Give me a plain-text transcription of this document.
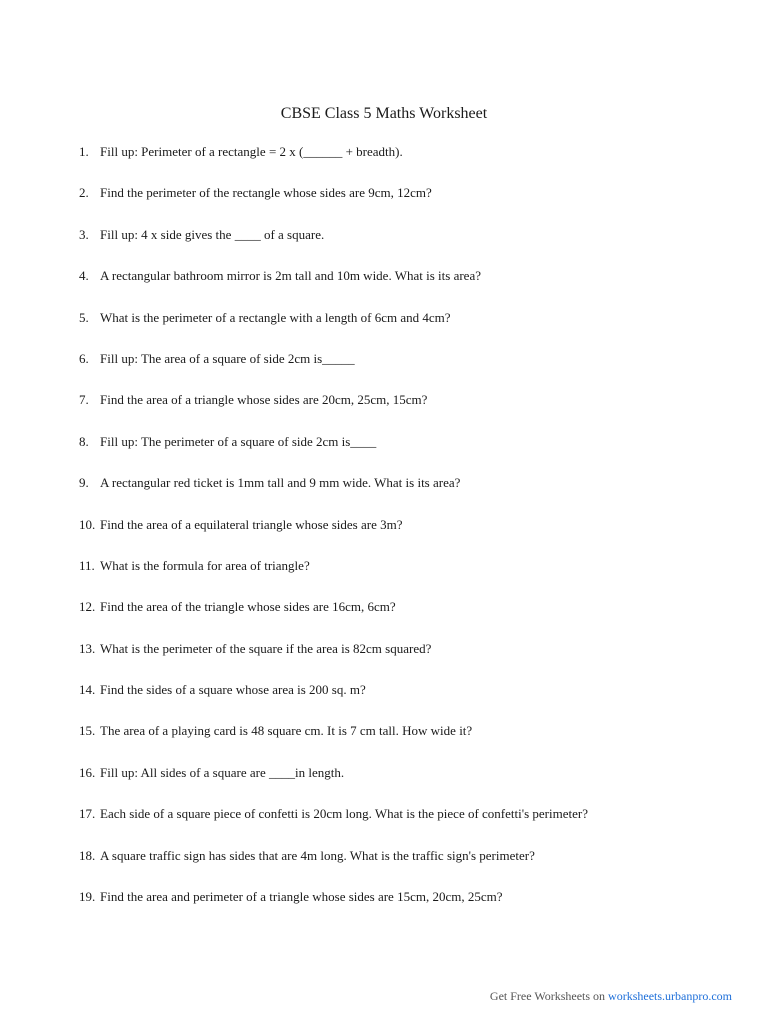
CBSE Class 5 Maths Worksheet
1. Fill up: Perimeter of a rectangle = 2 x (______ + breadth).
2. Find the perimeter of the rectangle whose sides are 9cm, 12cm?
3. Fill up: 4 x side gives the ____ of a square.
4. A rectangular bathroom mirror is 2m tall and 10m wide. What is its area?
5. What is the perimeter of a rectangle with a length of 6cm and 4cm?
6. Fill up: The area of a square of side 2cm is_____
7. Find the area of a triangle whose sides are 20cm, 25cm, 15cm?
8. Fill up: The perimeter of a square of side 2cm is____
9. A rectangular red ticket is 1mm tall and 9 mm wide. What is its area?
10. Find the area of a equilateral triangle whose sides are 3m?
11. What is the formula for area of triangle?
12. Find the area of the triangle whose sides are 16cm, 6cm?
13. What is the perimeter of the square if the area is 82cm squared?
14. Find the sides of a square whose area is 200 sq. m?
15. The area of a playing card is 48 square cm. It is 7 cm tall. How wide it?
16. Fill up: All sides of a square are ____in length.
17. Each side of a square piece of confetti is 20cm long. What is the piece of confetti's perimeter?
18. A square traffic sign has sides that are 4m long. What is the traffic sign's perimeter?
19. Find the area and perimeter of a triangle whose sides are 15cm, 20cm, 25cm?
Get Free Worksheets on worksheets.urbanpro.com
